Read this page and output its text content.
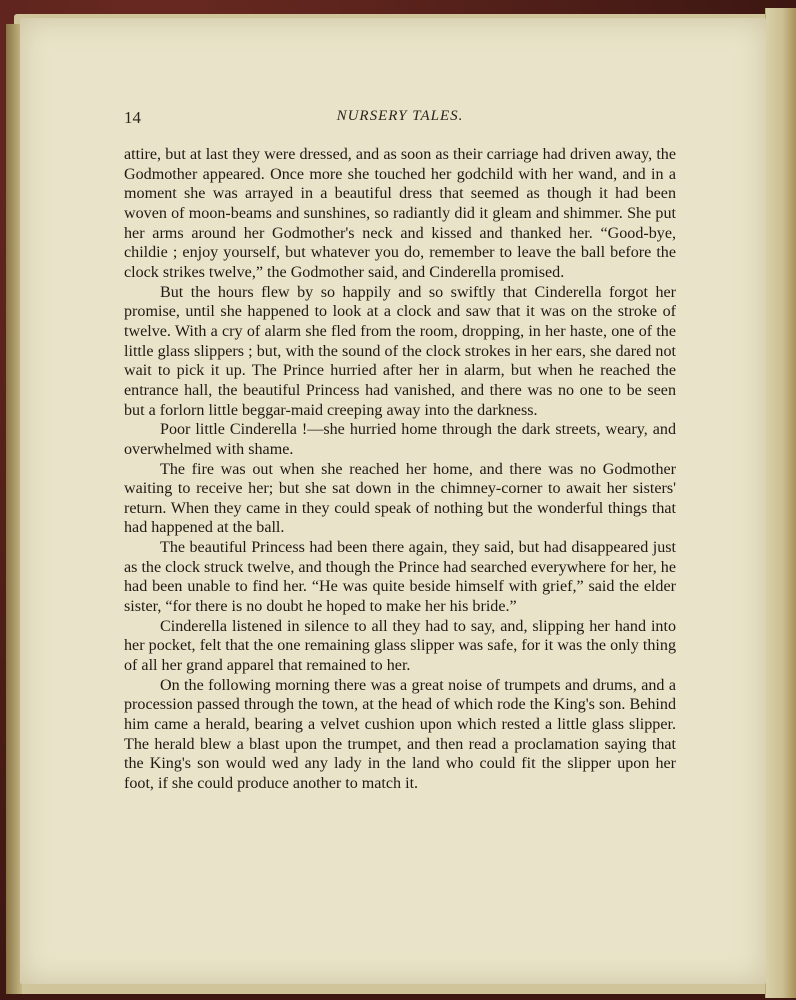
14	NURSERY TALES.

attire, but at last they were dressed, and as soon as their carriage had driven away, the Godmother appeared. Once more she touched her godchild with her wand, and in a moment she was arrayed in a beautiful dress that seemed as though it had been woven of moon-beams and sunshines, so radiantly did it gleam and shimmer. She put her arms around her Godmother's neck and kissed and thanked her. “Good-bye, childie ; enjoy yourself, but whatever you do, remember to leave the ball before the clock strikes twelve,” the Godmother said, and Cinderella promised.

But the hours flew by so happily and so swiftly that Cinderella forgot her promise, until she happened to look at a clock and saw that it was on the stroke of twelve. With a cry of alarm she fled from the room, dropping, in her haste, one of the little glass slippers ; but, with the sound of the clock strokes in her ears, she dared not wait to pick it up. The Prince hurried after her in alarm, but when he reached the entrance hall, the beautiful Princess had vanished, and there was no one to be seen but a forlorn little beggar-maid creeping away into the darkness.

Poor little Cinderella !—she hurried home through the dark streets, weary, and overwhelmed with shame.

The fire was out when she reached her home, and there was no Godmother waiting to receive her; but she sat down in the chimney-corner to await her sisters' return. When they came in they could speak of nothing but the wonderful things that had happened at the ball.

The beautiful Princess had been there again, they said, but had disappeared just as the clock struck twelve, and though the Prince had searched everywhere for her, he had been unable to find her. “He was quite beside himself with grief,” said the elder sister, “for there is no doubt he hoped to make her his bride.”

Cinderella listened in silence to all they had to say, and, slipping her hand into her pocket, felt that the one remaining glass slipper was safe, for it was the only thing of all her grand apparel that remained to her.

On the following morning there was a great noise of trumpets and drums, and a procession passed through the town, at the head of which rode the King's son. Behind him came a herald, bearing a velvet cushion upon which rested a little glass slipper. The herald blew a blast upon the trumpet, and then read a proclamation saying that the King's son would wed any lady in the land who could fit the slipper upon her foot, if she could produce another to match it.
